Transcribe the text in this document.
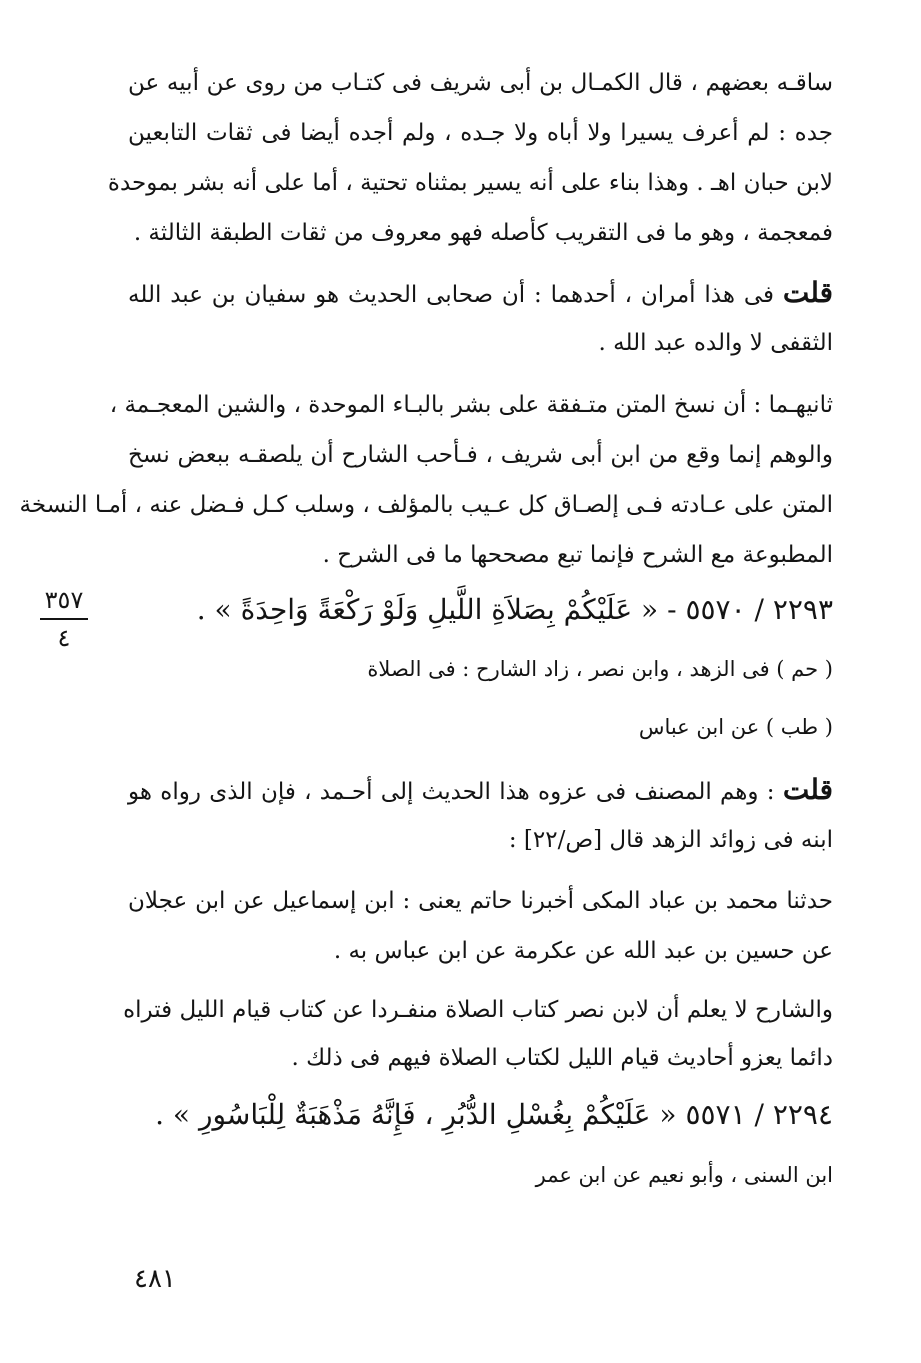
ساقـه بعضهم ، قال الكمـال بن أبى شريف فى كتـاب من روى عن أبيه عن
جده : لم أعرف يسيرا ولا أباه ولا جـده ، ولم أجده أيضا فى ثقات التابعين
لابن حبان اهـ . وهذا بناء على أنه يسير بمثناه تحتية ، أما على أنه بشر بموحدة
فمعجمة ، وهو ما فى التقريب كأصله فهو معروف من ثقات الطبقة الثالثة .
قلت فى هذا أمران ، أحدهما : أن صحابى الحديث هو سفيان بن عبد الله
الثقفى لا والده عبد الله .
ثانيهـما : أن نسخ المتن متـفقة على بشر بالبـاء الموحدة ، والشين المعجـمة ،
والوهم إنما وقع من ابن أبى شريف ، فـأحب الشارح أن يلصقـه ببعض نسخ
المتن على عـادته فـى إلصـاق كل عـيب بالمؤلف ، وسلب كـل فـضل عنه ، أمـا النسخة
المطبوعة مع الشرح فإنما تبع مصححها ما فى الشرح .
٣٥٧
٤
٢٢٩٣ / ٥٥٧٠ - « عَلَيْكُمْ بِصَلاَةِ اللَّيلِ وَلَوْ رَكْعَةً وَاحِدَةً » .
( حم ) فى الزهد ، وابن نصر ، زاد الشارح : فى الصلاة
( طب ) عن ابن عباس
قلت : وهم المصنف فى عزوه هذا الحديث إلى أحـمد ، فإن الذى رواه هو
ابنه فى زوائد الزهد قال [ص/٢٢] :
حدثنا محمد بن عباد المكى أخبرنا حاتم يعنى : ابن إسماعيل عن ابن عجلان
عن حسين بن عبد الله عن عكرمة عن ابن عباس به .
والشارح لا يعلم أن لابن نصر كتاب الصلاة منفـردا عن كتاب قيام الليل فتراه
دائما يعزو أحاديث قيام الليل لكتاب الصلاة فيهم فى ذلك .
٢٢٩٤ / ٥٥٧١ « عَلَيْكُمْ بِغُسْلِ الدُّبُرِ ، فَإِنَّهُ مَذْهَبَةٌ لِلْبَاسُورِ » .
ابن السنى ، وأبو نعيم عن ابن عمر
٤٨١
